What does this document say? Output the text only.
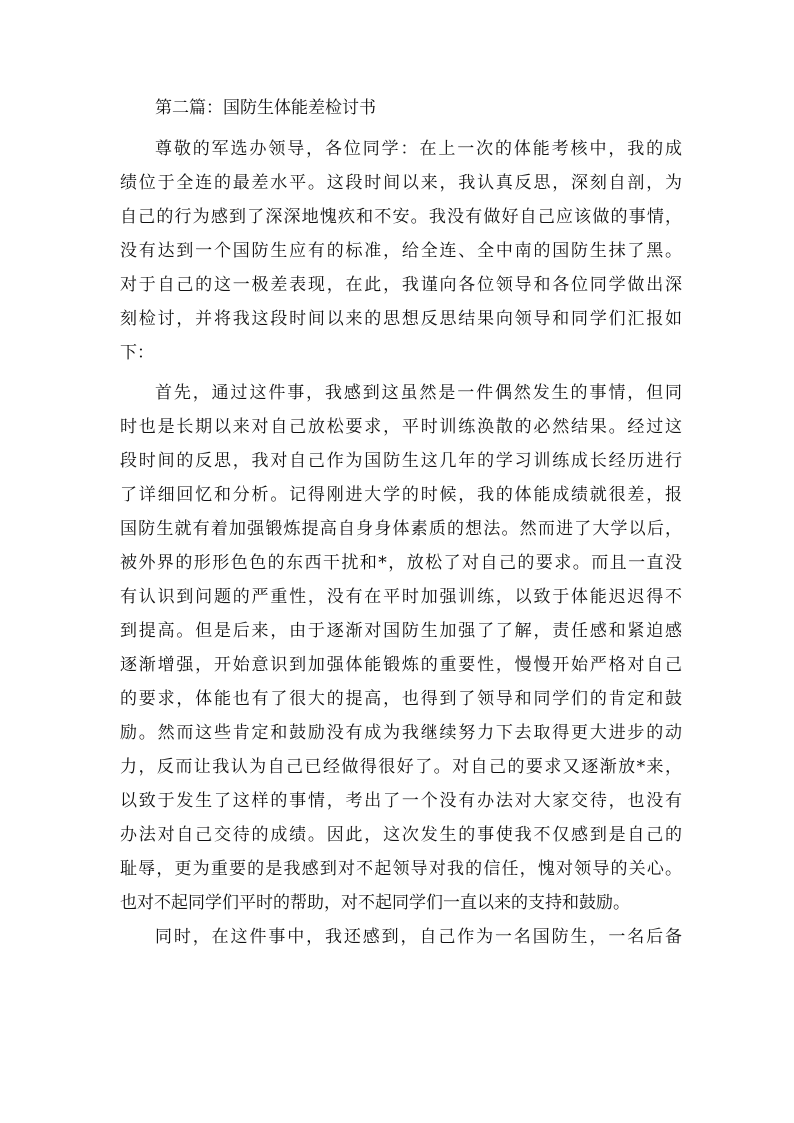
第二篇：国防生体能差检讨书
尊敬的军选办领导，各位同学：在上一次的体能考核中，我的成
绩位于全连的最差水平。这段时间以来，我认真反思，深刻自剖，为
自己的行为感到了深深地愧疚和不安。我没有做好自己应该做的事情，
没有达到一个国防生应有的标准，给全连、全中南的国防生抹了黑。
对于自己的这一极差表现，在此，我谨向各位领导和各位同学做出深
刻检讨，并将我这段时间以来的思想反思结果向领导和同学们汇报如
下：
首先，通过这件事，我感到这虽然是一件偶然发生的事情，但同
时也是长期以来对自己放松要求，平时训练涣散的必然结果。经过这
段时间的反思，我对自己作为国防生这几年的学习训练成长经历进行
了详细回忆和分析。记得刚进大学的时候，我的体能成绩就很差，报
国防生就有着加强锻炼提高自身身体素质的想法。然而进了大学以后，
被外界的形形色色的东西干扰和*，放松了对自己的要求。而且一直没
有认识到问题的严重性，没有在平时加强训练，以致于体能迟迟得不
到提高。但是后来，由于逐渐对国防生加强了了解，责任感和紧迫感
逐渐增强，开始意识到加强体能锻炼的重要性，慢慢开始严格对自己
的要求，体能也有了很大的提高，也得到了领导和同学们的肯定和鼓
励。然而这些肯定和鼓励没有成为我继续努力下去取得更大进步的动
力，反而让我认为自己已经做得很好了。对自己的要求又逐渐放*来，
以致于发生了这样的事情，考出了一个没有办法对大家交待，也没有
办法对自己交待的成绩。因此，这次发生的事使我不仅感到是自己的
耻辱，更为重要的是我感到对不起领导对我的信任，愧对领导的关心。
也对不起同学们平时的帮助，对不起同学们一直以来的支持和鼓励。
同时，在这件事中，我还感到，自己作为一名国防生，一名后备
